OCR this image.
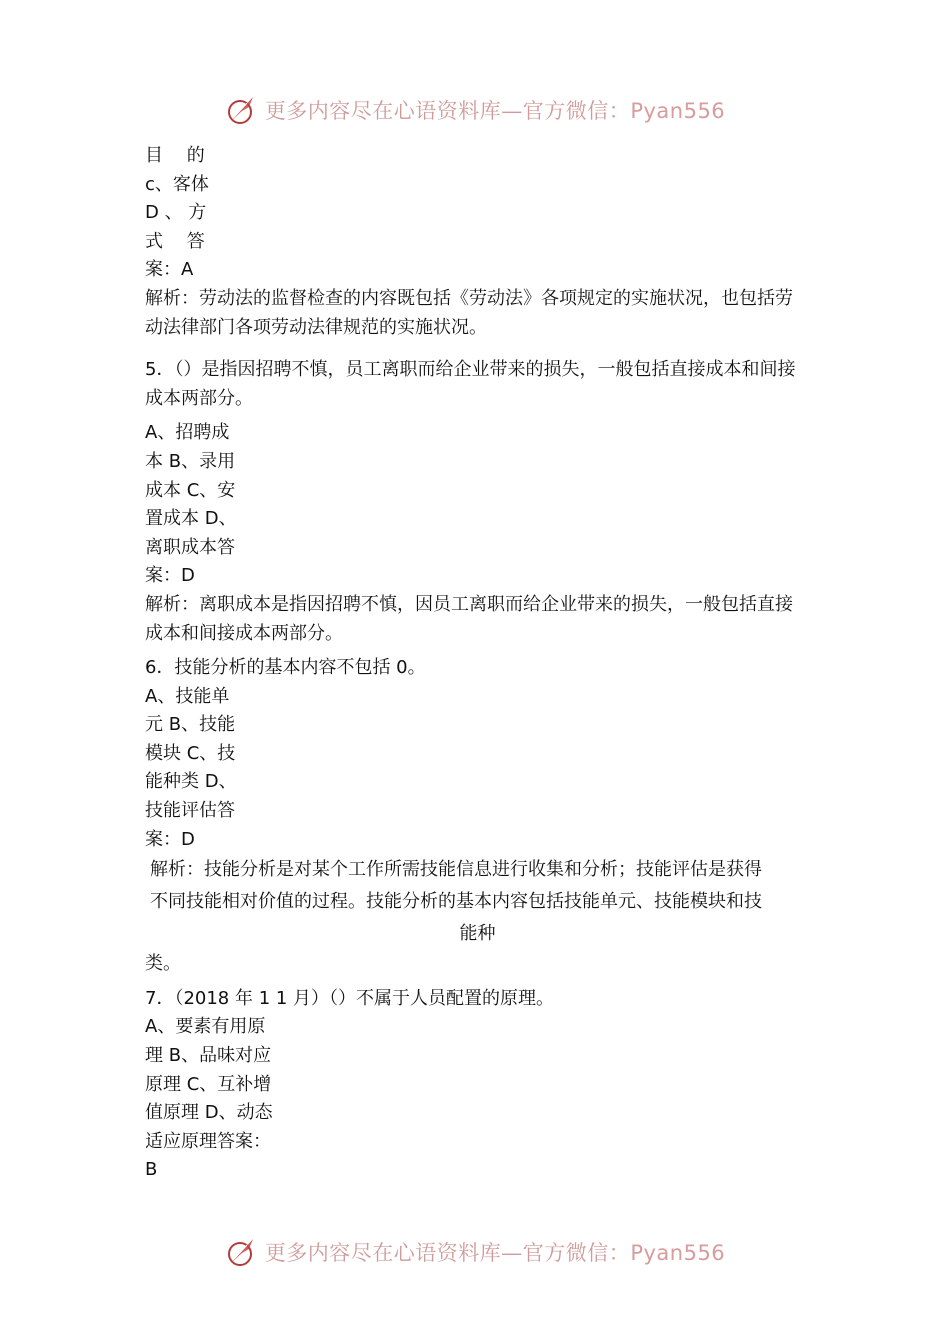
更多内容尽在心语资料库—官方微信：Pyan556
目　 的
c、客体
D 、 方
式　 答
案：A
解析：劳动法的监督检查的内容既包括《劳动法》各项规定的实施状况，也包括劳动法律部门各项劳动法律规范的实施状况。
5．（）是指因招聘不慎，员工离职而给企业带来的损失，一般包括直接成本和间接成本两部分。
A、招聘成
本 B、录用
成本 C、安
置成本 D、
离职成本答
案：D
解析：离职成本是指因招聘不慎，因员工离职而给企业带来的损失，一般包括直接成本和间接成本两部分。
6．技能分析的基本内容不包括 0。
A、技能单
元 B、技能
模块 C、技
能种类 D、
技能评估答
案：D
解析：技能分析是对某个工作所需技能信息进行收集和分析；技能评估是获得
不同技能相对价值的过程。技能分析的基本内容包括技能单元、技能模块和技
能种
类。
7．（2018 年 1 1 月）（）不属于人员配置的原理。
A、要素有用原
理 B、品味对应
原理 C、互补增
值原理 D、动态
适应原理答案：
B
更多内容尽在心语资料库—官方微信：Pyan556
